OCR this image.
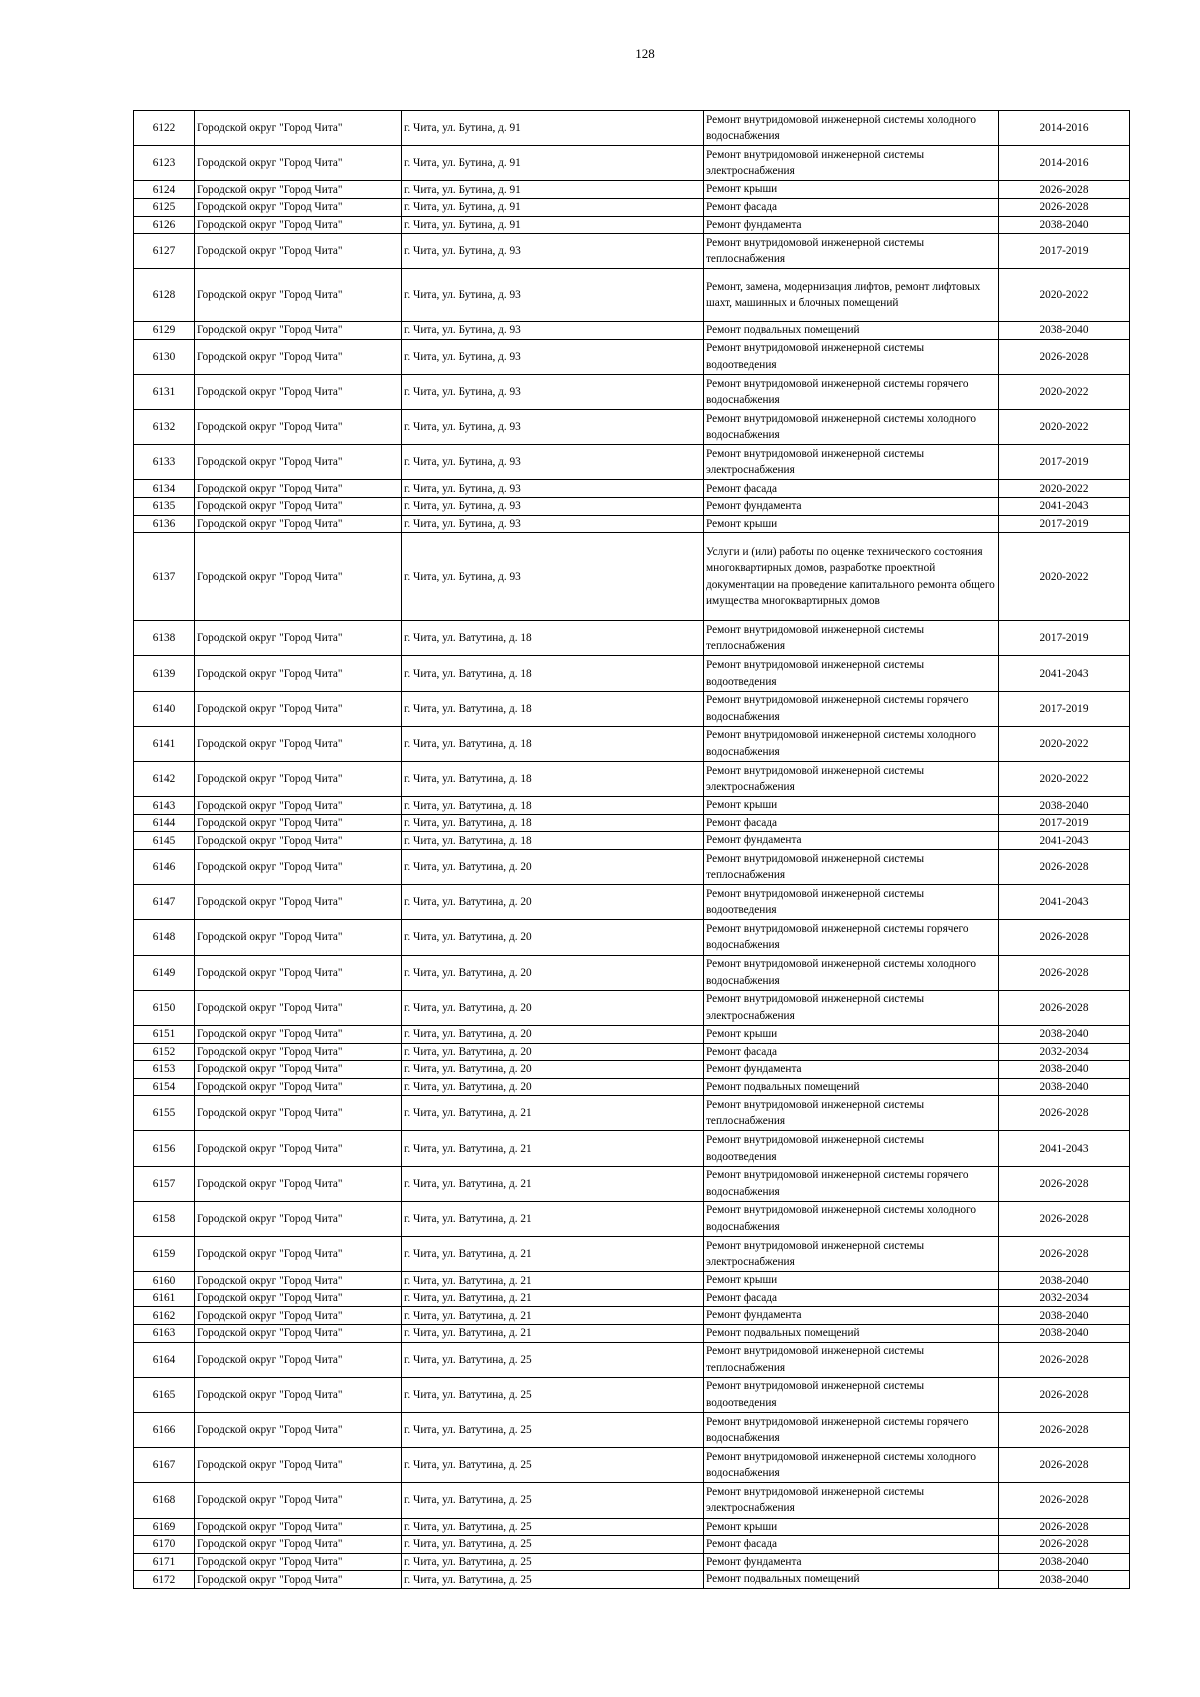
128
6122	Городской округ "Город Чита"	г. Чита, ул. Бутина, д. 91	Ремонт внутридомовой инженерной системы холодного водоснабжения	2014-2016
6123	Городской округ "Город Чита"	г. Чита, ул. Бутина, д. 91	Ремонт внутридомовой инженерной системы электроснабжения	2014-2016
6124	Городской округ "Город Чита"	г. Чита, ул. Бутина, д. 91	Ремонт крыши	2026-2028
6125	Городской округ "Город Чита"	г. Чита, ул. Бутина, д. 91	Ремонт фасада	2026-2028
6126	Городской округ "Город Чита"	г. Чита, ул. Бутина, д. 91	Ремонт фундамента	2038-2040
6127	Городской округ "Город Чита"	г. Чита, ул. Бутина, д. 93	Ремонт внутридомовой инженерной системы теплоснабжения	2017-2019
6128	Городской округ "Город Чита"	г. Чита, ул. Бутина, д. 93	Ремонт, замена, модернизация лифтов, ремонт лифтовых шахт, машинных и блочных помещений	2020-2022
6129	Городской округ "Город Чита"	г. Чита, ул. Бутина, д. 93	Ремонт подвальных помещений	2038-2040
6130	Городской округ "Город Чита"	г. Чита, ул. Бутина, д. 93	Ремонт внутридомовой инженерной системы водоотведения	2026-2028
6131	Городской округ "Город Чита"	г. Чита, ул. Бутина, д. 93	Ремонт внутридомовой инженерной системы горячего водоснабжения	2020-2022
6132	Городской округ "Город Чита"	г. Чита, ул. Бутина, д. 93	Ремонт внутридомовой инженерной системы холодного водоснабжения	2020-2022
6133	Городской округ "Город Чита"	г. Чита, ул. Бутина, д. 93	Ремонт внутридомовой инженерной системы электроснабжения	2017-2019
6134	Городской округ "Город Чита"	г. Чита, ул. Бутина, д. 93	Ремонт фасада	2020-2022
6135	Городской округ "Город Чита"	г. Чита, ул. Бутина, д. 93	Ремонт фундамента	2041-2043
6136	Городской округ "Город Чита"	г. Чита, ул. Бутина, д. 93	Ремонт крыши	2017-2019
6137	Городской округ "Город Чита"	г. Чита, ул. Бутина, д. 93	Услуги и (или) работы по оценке технического состояния многоквартирных домов, разработке проектной документации на проведение капитального ремонта общего имущества многоквартирных домов	2020-2022
6138	Городской округ "Город Чита"	г. Чита, ул. Ватутина, д. 18	Ремонт внутридомовой инженерной системы теплоснабжения	2017-2019
6139	Городской округ "Город Чита"	г. Чита, ул. Ватутина, д. 18	Ремонт внутридомовой инженерной системы водоотведения	2041-2043
6140	Городской округ "Город Чита"	г. Чита, ул. Ватутина, д. 18	Ремонт внутридомовой инженерной системы горячего водоснабжения	2017-2019
6141	Городской округ "Город Чита"	г. Чита, ул. Ватутина, д. 18	Ремонт внутридомовой инженерной системы холодного водоснабжения	2020-2022
6142	Городской округ "Город Чита"	г. Чита, ул. Ватутина, д. 18	Ремонт внутридомовой инженерной системы электроснабжения	2020-2022
6143	Городской округ "Город Чита"	г. Чита, ул. Ватутина, д. 18	Ремонт крыши	2038-2040
6144	Городской округ "Город Чита"	г. Чита, ул. Ватутина, д. 18	Ремонт фасада	2017-2019
6145	Городской округ "Город Чита"	г. Чита, ул. Ватутина, д. 18	Ремонт фундамента	2041-2043
6146	Городской округ "Город Чита"	г. Чита, ул. Ватутина, д. 20	Ремонт внутридомовой инженерной системы теплоснабжения	2026-2028
6147	Городской округ "Город Чита"	г. Чита, ул. Ватутина, д. 20	Ремонт внутридомовой инженерной системы водоотведения	2041-2043
6148	Городской округ "Город Чита"	г. Чита, ул. Ватутина, д. 20	Ремонт внутридомовой инженерной системы горячего водоснабжения	2026-2028
6149	Городской округ "Город Чита"	г. Чита, ул. Ватутина, д. 20	Ремонт внутридомовой инженерной системы холодного водоснабжения	2026-2028
6150	Городской округ "Город Чита"	г. Чита, ул. Ватутина, д. 20	Ремонт внутридомовой инженерной системы электроснабжения	2026-2028
6151	Городской округ "Город Чита"	г. Чита, ул. Ватутина, д. 20	Ремонт крыши	2038-2040
6152	Городской округ "Город Чита"	г. Чита, ул. Ватутина, д. 20	Ремонт фасада	2032-2034
6153	Городской округ "Город Чита"	г. Чита, ул. Ватутина, д. 20	Ремонт фундамента	2038-2040
6154	Городской округ "Город Чита"	г. Чита, ул. Ватутина, д. 20	Ремонт подвальных помещений	2038-2040
6155	Городской округ "Город Чита"	г. Чита, ул. Ватутина, д. 21	Ремонт внутридомовой инженерной системы теплоснабжения	2026-2028
6156	Городской округ "Город Чита"	г. Чита, ул. Ватутина, д. 21	Ремонт внутридомовой инженерной системы водоотведения	2041-2043
6157	Городской округ "Город Чита"	г. Чита, ул. Ватутина, д. 21	Ремонт внутридомовой инженерной системы горячего водоснабжения	2026-2028
6158	Городской округ "Город Чита"	г. Чита, ул. Ватутина, д. 21	Ремонт внутридомовой инженерной системы холодного водоснабжения	2026-2028
6159	Городской округ "Город Чита"	г. Чита, ул. Ватутина, д. 21	Ремонт внутридомовой инженерной системы электроснабжения	2026-2028
6160	Городской округ "Город Чита"	г. Чита, ул. Ватутина, д. 21	Ремонт крыши	2038-2040
6161	Городской округ "Город Чита"	г. Чита, ул. Ватутина, д. 21	Ремонт фасада	2032-2034
6162	Городской округ "Город Чита"	г. Чита, ул. Ватутина, д. 21	Ремонт фундамента	2038-2040
6163	Городской округ "Город Чита"	г. Чита, ул. Ватутина, д. 21	Ремонт подвальных помещений	2038-2040
6164	Городской округ "Город Чита"	г. Чита, ул. Ватутина, д. 25	Ремонт внутридомовой инженерной системы теплоснабжения	2026-2028
6165	Городской округ "Город Чита"	г. Чита, ул. Ватутина, д. 25	Ремонт внутридомовой инженерной системы водоотведения	2026-2028
6166	Городской округ "Город Чита"	г. Чита, ул. Ватутина, д. 25	Ремонт внутридомовой инженерной системы горячего водоснабжения	2026-2028
6167	Городской округ "Город Чита"	г. Чита, ул. Ватутина, д. 25	Ремонт внутридомовой инженерной системы холодного водоснабжения	2026-2028
6168	Городской округ "Город Чита"	г. Чита, ул. Ватутина, д. 25	Ремонт внутридомовой инженерной системы электроснабжения	2026-2028
6169	Городской округ "Город Чита"	г. Чита, ул. Ватутина, д. 25	Ремонт крыши	2026-2028
6170	Городской округ "Город Чита"	г. Чита, ул. Ватутина, д. 25	Ремонт фасада	2026-2028
6171	Городской округ "Город Чита"	г. Чита, ул. Ватутина, д. 25	Ремонт фундамента	2038-2040
6172	Городской округ "Город Чита"	г. Чита, ул. Ватутина, д. 25	Ремонт подвальных помещений	2038-2040
